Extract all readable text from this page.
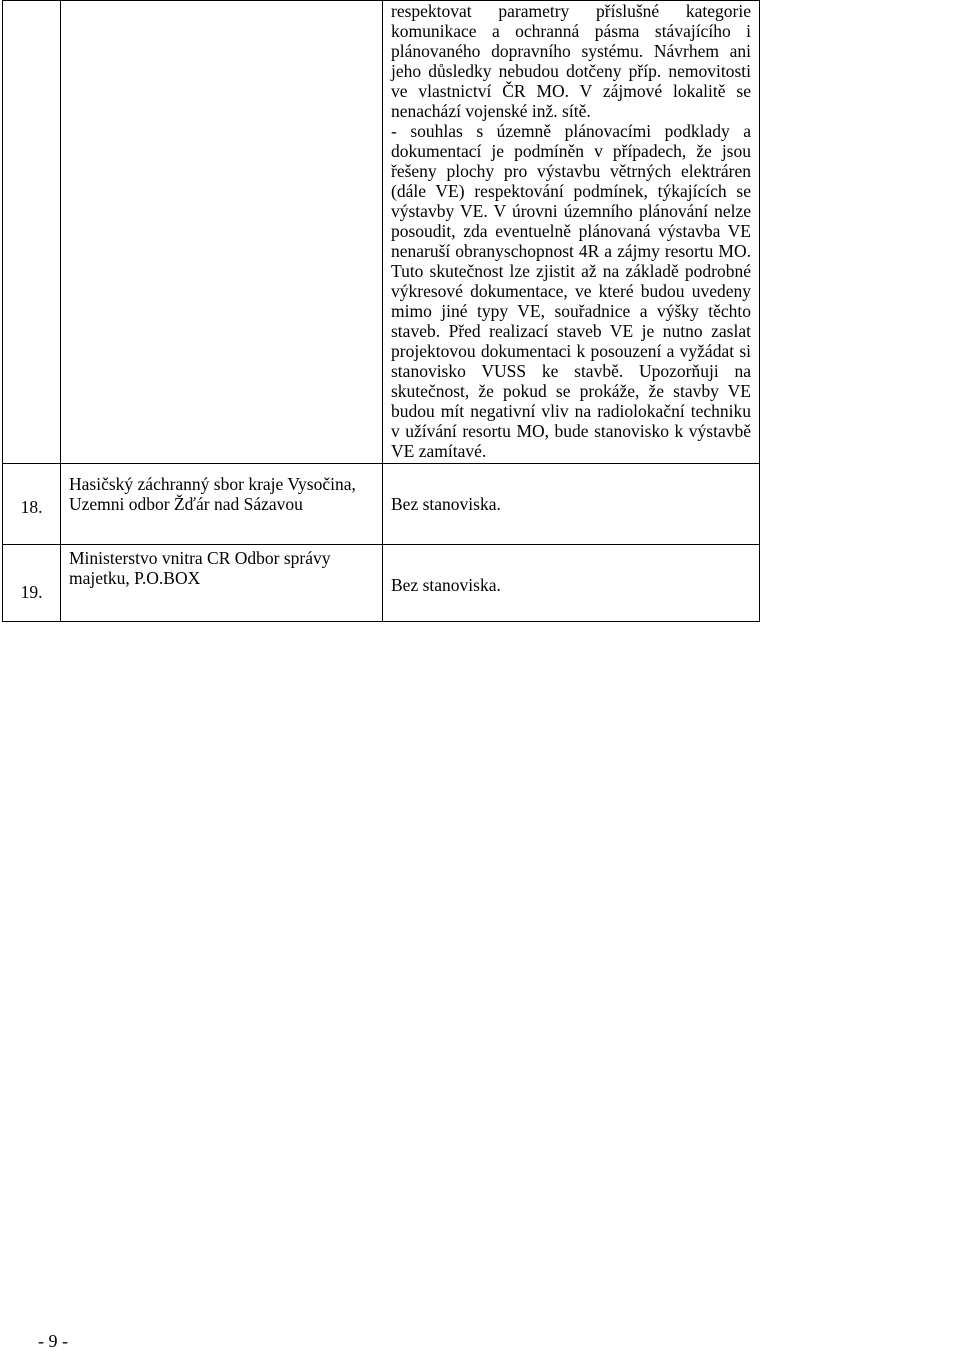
		respektovat parametry příslušné kategorie komunikace a ochranná pásma stávajícího i plánovaného dopravního systému. Návrhem ani jeho důsledky nebudou dotčeny příp. nemovitosti ve vlastnictví ČR MO. V zájmové lokalitě se nenachází vojenské inž. sítě.

- souhlas s územně plánovacími podklady a dokumentací je podmíněn v případech, že jsou řešeny plochy pro výstavbu větrných elektráren (dále VE) respektování podmínek, týkajících se výstavby VE. V úrovni územního plánování nelze posoudit, zda eventuelně plánovaná výstavba VE nenaruší obranyschopnost 4R a zájmy resortu MO. Tuto skutečnost lze zjistit až na základě podrobné výkresové dokumentace, ve které budou uvedeny mimo jiné typy VE, souřadnice a výšky těchto staveb. Před realizací staveb VE je nutno zaslat projektovou dokumentaci k posouzení a vyžádat si stanovisko VUSS ke stavbě. Upozorňuji na skutečnost, že pokud se prokáže, že stavby VE budou mít negativní vliv na radiolokační techniku v užívání resortu MO, bude stanovisko k výstavbě VE zamítavé.

18.	Hasičský záchranný sbor kraje Vysočina, Uzemni odbor Žďár nad Sázavou	Bez stanoviska.

19.	Ministerstvo vnitra CR Odbor správy majetku, P.O.BOX	Bez stanoviska.
- 9 -
